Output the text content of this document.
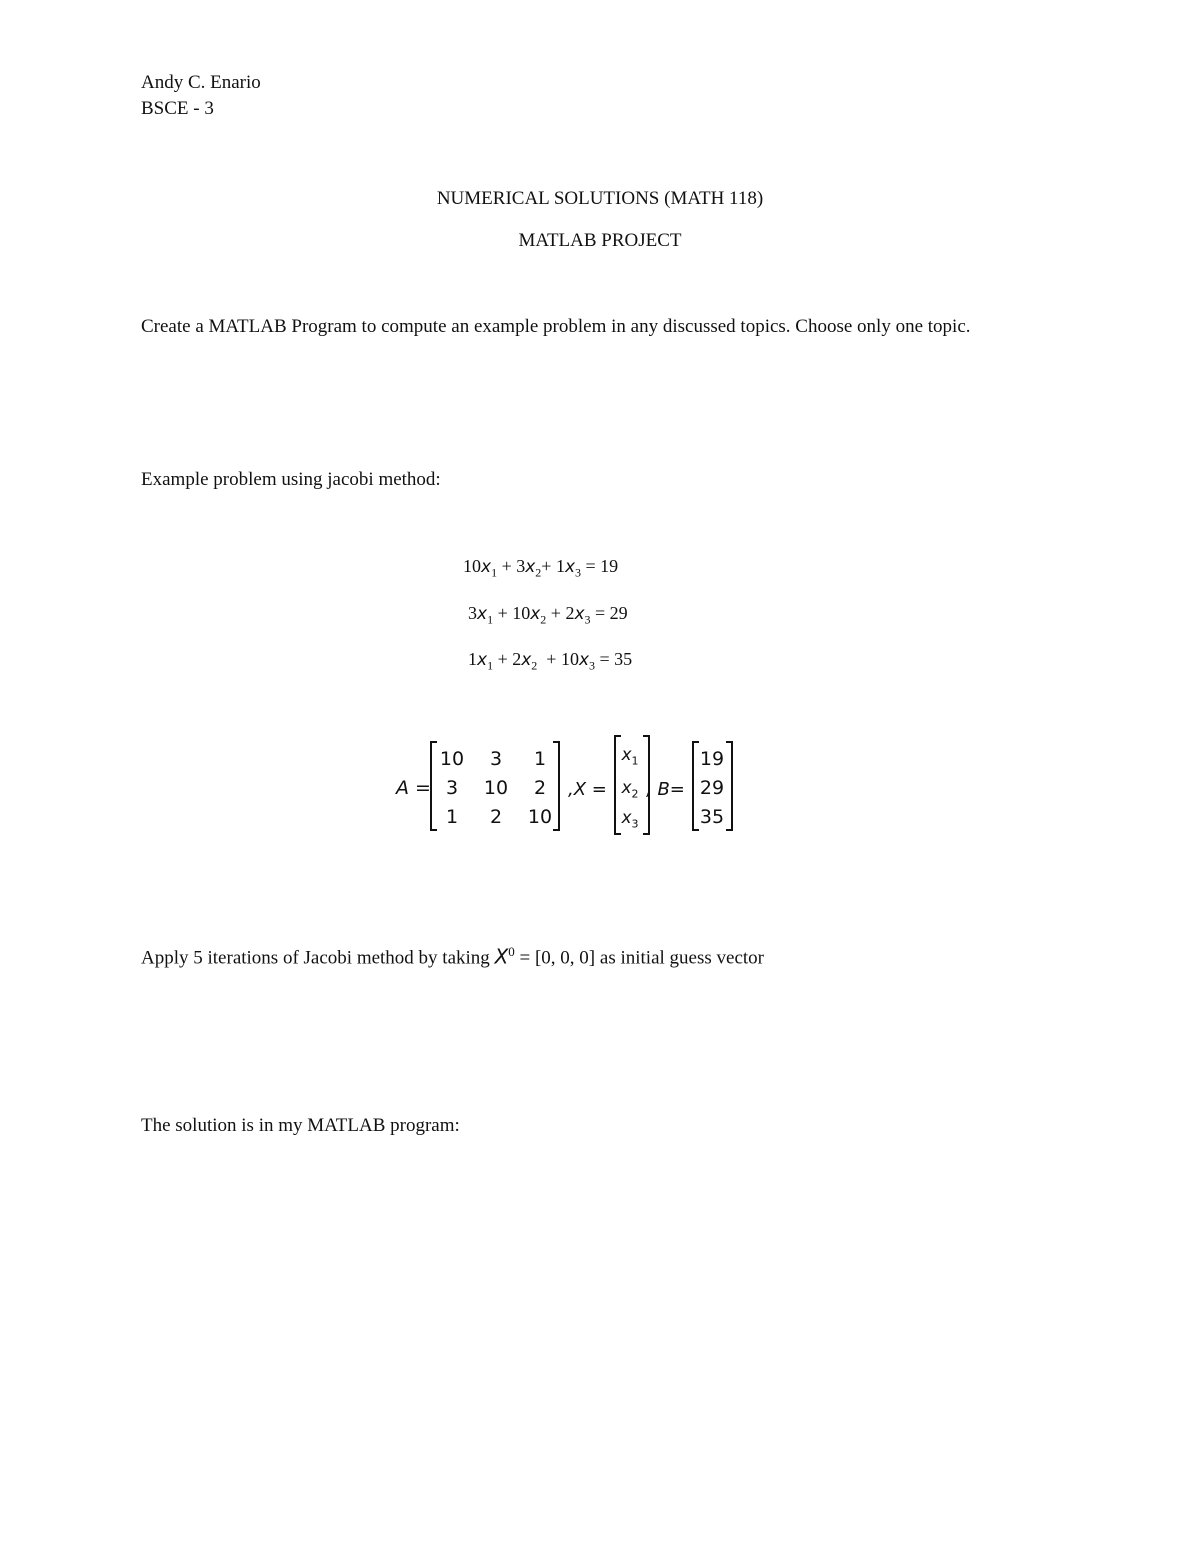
Andy C. Enario
BSCE - 3
NUMERICAL SOLUTIONS (MATH 118)
MATLAB PROJECT
Create a MATLAB Program to compute an example problem in any discussed topics. Choose only one topic.
Example problem using jacobi method:
$10x_1 + 3x_2+ 1x_3 = 19$
$3x_1 + 10x_2 + 2x_3 = 29$
$1x_1 + 2x_2 + 10x_3 = 35$
A =
10	3	1
3	10	2
1	2	10
,X =
$x_1$
$x_2$
$x_3$
, B=
19
29
35
Apply 5 iterations of Jacobi method by taking $X^0 = [0$, 0, 0] as initial guess vector
The solution is in my MATLAB program:
